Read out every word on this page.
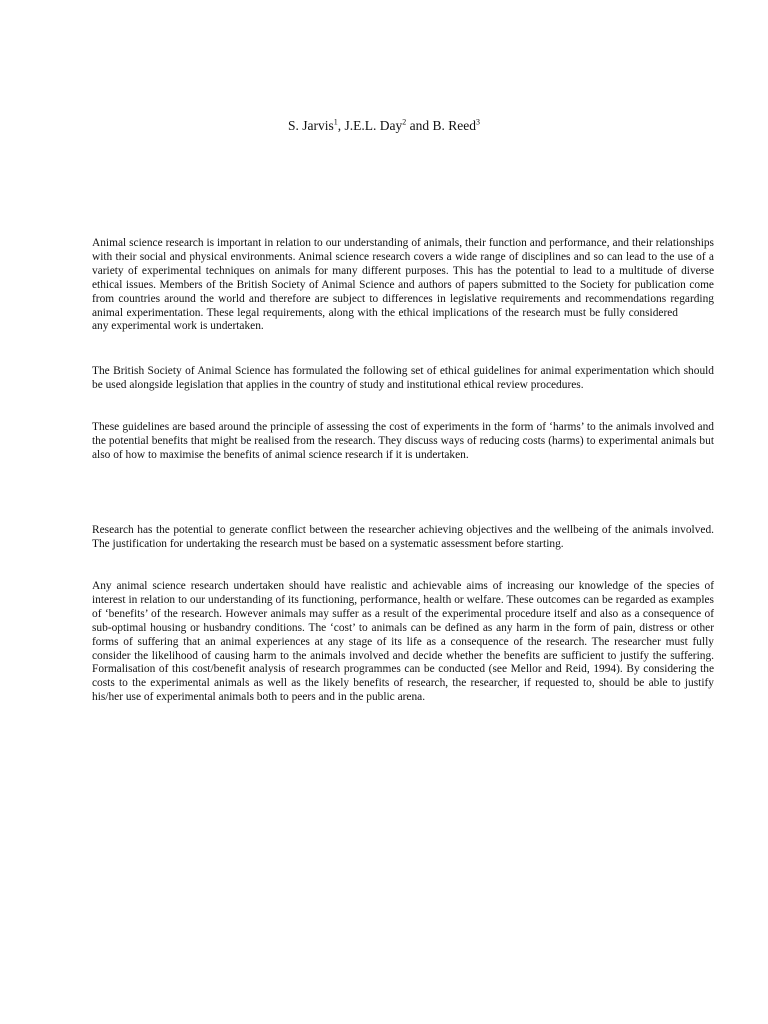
S. Jarvis$^1$, J.E.L. Day$^2$ and B. Reed$^3$

Animal science research is important in relation to our understanding of animals, their function and performance, and their relationships with their social and physical environments. Animal science research covers a wide range of disciplines and so can lead to the use of a variety of experimental techniques on animals for many different purposes. This has the potential to lead to a multitude of diverse ethical issues. Members of the British Society of Animal Science and authors of papers submitted to the Society for publication come from countries around the world and therefore are subject to differences in legislative requirements and recommendations regarding animal experimentation. These legal requirements, along with the ethical implications of the research must be fully consideredany experimental work is undertaken.

The British Society of Animal Science has formulated the following set of ethical guidelines for animal experimentation which should be used alongside legislation that applies in the country of study and institutional ethical review procedures.

These guidelines are based around the principle of assessing the cost of experiments in the form of ‘harms’ to the animals involved and the potential benefits that might be realised from the research. They discuss ways of reducing costs (harms) to experimental animals but also of how to maximise the benefits of animal science research if it is undertaken.

Research has the potential to generate conflict between the researcher achieving objectives and the wellbeing of the animals involved. The justification for undertaking the research must be based on a systematic assessment before starting.

Any animal science research undertaken should have realistic and achievable aims of increasing our knowledge of the species of interest in relation to our understanding of its functioning, performance, health or welfare. These outcomes can be regarded as examples of ‘benefits’ of the research. However animals may suffer as a result of the experimental procedure itself and also as a consequence of sub-optimal housing or husbandry conditions. The ‘cost’ to animals can be defined as any harm in the form of pain, distress or other forms of suffering that an animal experiences at any stage of its life as a consequence of the research. The researcher must fully consider the likelihood of causing harm to the animals involved and decide whether the benefits are sufficient to justify the suffering. Formalisation of this cost/benefit analysis of research programmes can be conducted (see Mellor and Reid, 1994). By considering the costs to the experimental animals as well as the likely benefits of research, the researcher, if requested to, should be able to justify his/her use of experimental animals both to peers and in the public arena.
